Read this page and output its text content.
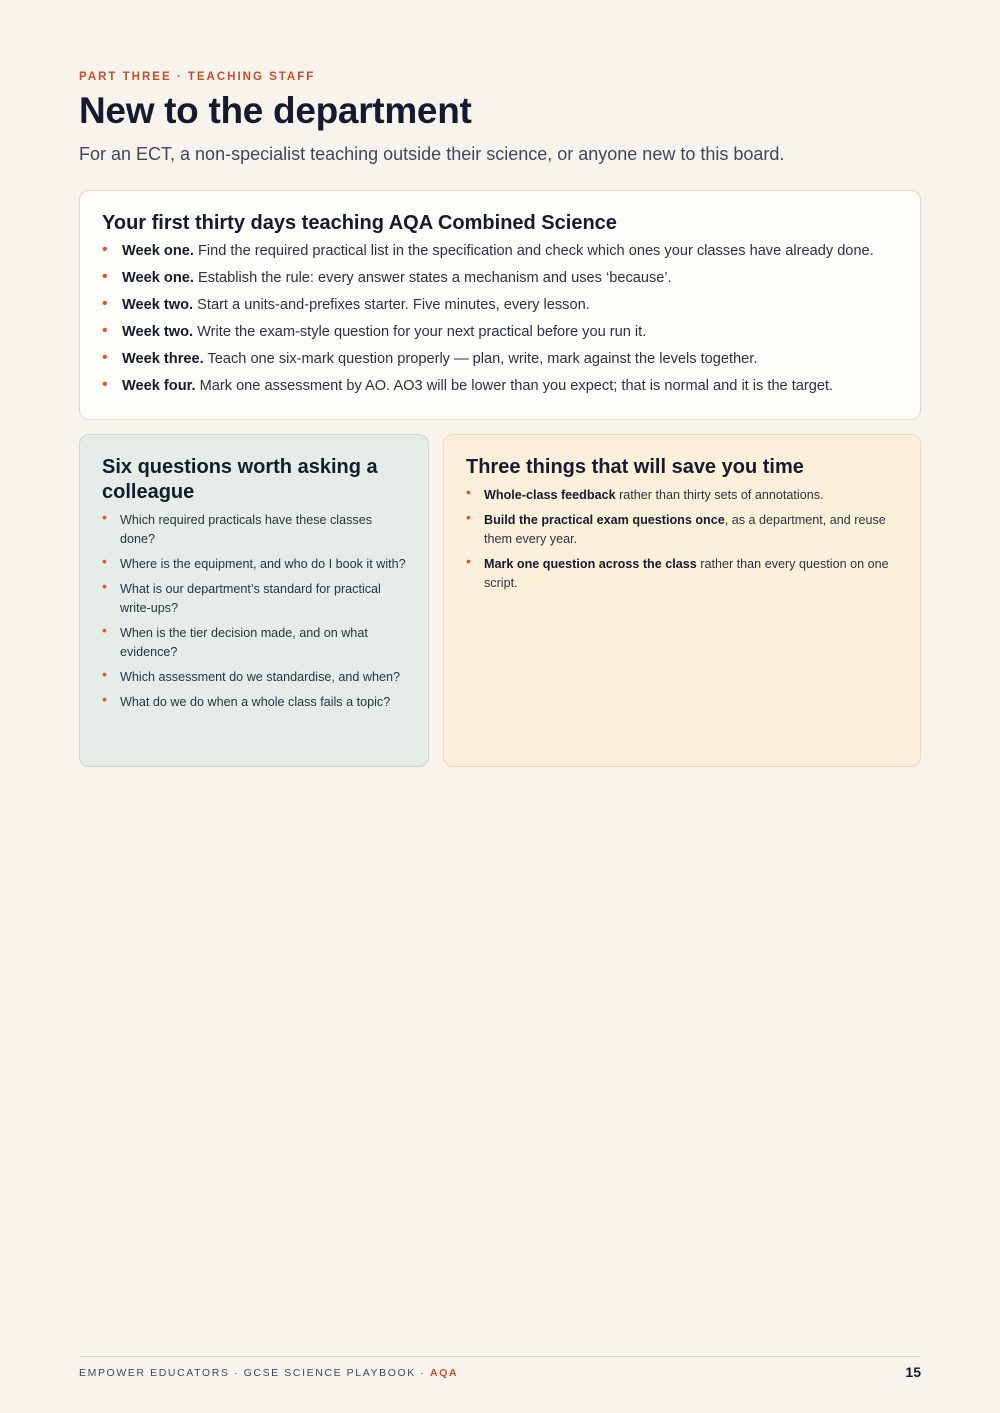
PART THREE · TEACHING STAFF
New to the department
For an ECT, a non-specialist teaching outside their science, or anyone new to this board.
Your first thirty days teaching AQA Combined Science
• Week one. Find the required practical list in the specification and check which ones your classes have already done.
• Week one. Establish the rule: every answer states a mechanism and uses ‘because’.
• Week two. Start a units-and-prefixes starter. Five minutes, every lesson.
• Week two. Write the exam-style question for your next practical before you run it.
• Week three. Teach one six-mark question properly — plan, write, mark against the levels together.
• Week four. Mark one assessment by AO. AO3 will be lower than you expect; that is normal and it is the target.
Six questions worth asking a colleague
• Which required practicals have these classes done?
• Where is the equipment, and who do I book it with?
• What is our department’s standard for practical write-ups?
• When is the tier decision made, and on what evidence?
• Which assessment do we standardise, and when?
• What do we do when a whole class fails a topic?
Three things that will save you time
• Whole-class feedback rather than thirty sets of annotations.
• Build the practical exam questions once, as a department, and reuse them every year.
• Mark one question across the class rather than every question on one script.
EMPOWER EDUCATORS · GCSE SCIENCE PLAYBOOK · AQA	15
